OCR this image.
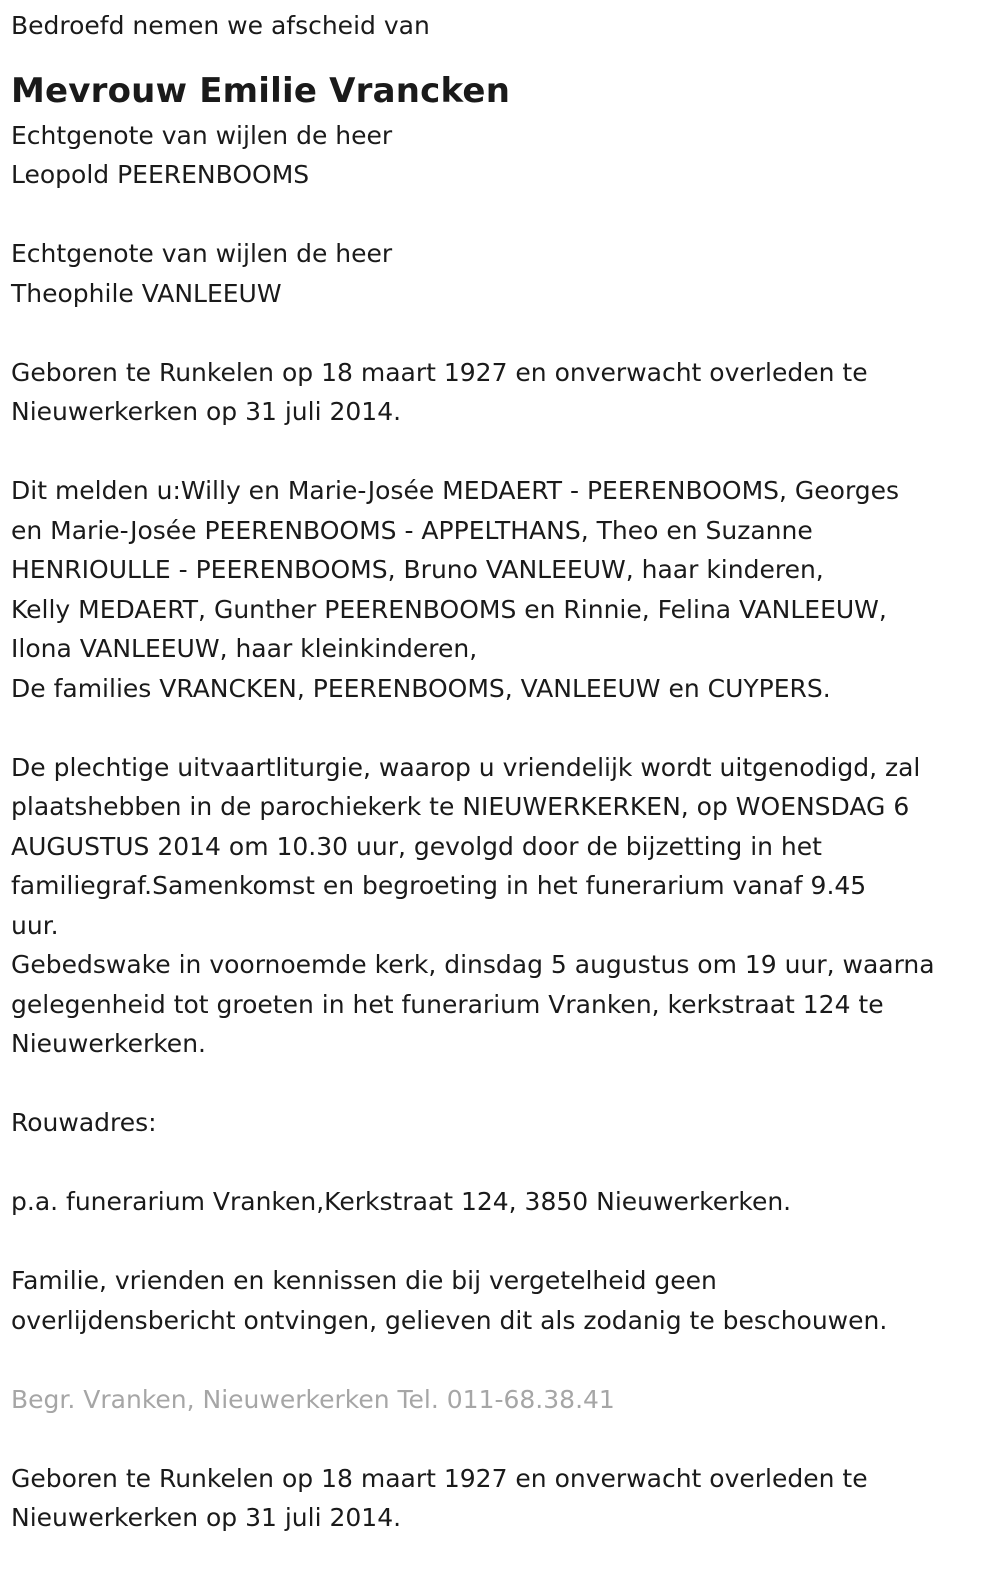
Bedroefd nemen we afscheid van

Mevrouw Emilie Vrancken

Echtgenote van wijlen de heer

Leopold PEERENBOOMS

Echtgenote van wijlen de heer

Theophile VANLEEUW

Geboren te Runkelen op 18 maart 1927 en onverwacht overleden te

Nieuwerkerken op 31 juli 2014.

Dit melden u:Willy en Marie-Josée MEDAERT - PEERENBOOMS, Georges

en Marie-Josée PEERENBOOMS - APPELTHANS, Theo en Suzanne

HENRIOULLE - PEERENBOOMS, Bruno VANLEEUW, haar kinderen,

Kelly MEDAERT, Gunther PEERENBOOMS en Rinnie, Felina VANLEEUW,

Ilona VANLEEUW, haar kleinkinderen,

De families VRANCKEN, PEERENBOOMS, VANLEEUW en CUYPERS.

De plechtige uitvaartliturgie, waarop u vriendelijk wordt uitgenodigd, zal

plaatshebben in de parochiekerk te NIEUWERKERKEN, op WOENSDAG 6

AUGUSTUS 2014 om 10.30 uur, gevolgd door de bijzetting in het

familiegraf.Samenkomst en begroeting in het funerarium vanaf 9.45

uur.

Gebedswake in voornoemde kerk, dinsdag 5 augustus om 19 uur, waarna

gelegenheid tot groeten in het funerarium Vranken, kerkstraat 124 te

Nieuwerkerken.

Rouwadres:

p.a. funerarium Vranken,Kerkstraat 124, 3850 Nieuwerkerken.

Familie, vrienden en kennissen die bij vergetelheid geen

overlijdensbericht ontvingen, gelieven dit als zodanig te beschouwen.

Begr. Vranken, Nieuwerkerken Tel. 011-68.38.41

Geboren te Runkelen op 18 maart 1927 en onverwacht overleden te

Nieuwerkerken op 31 juli 2014.
